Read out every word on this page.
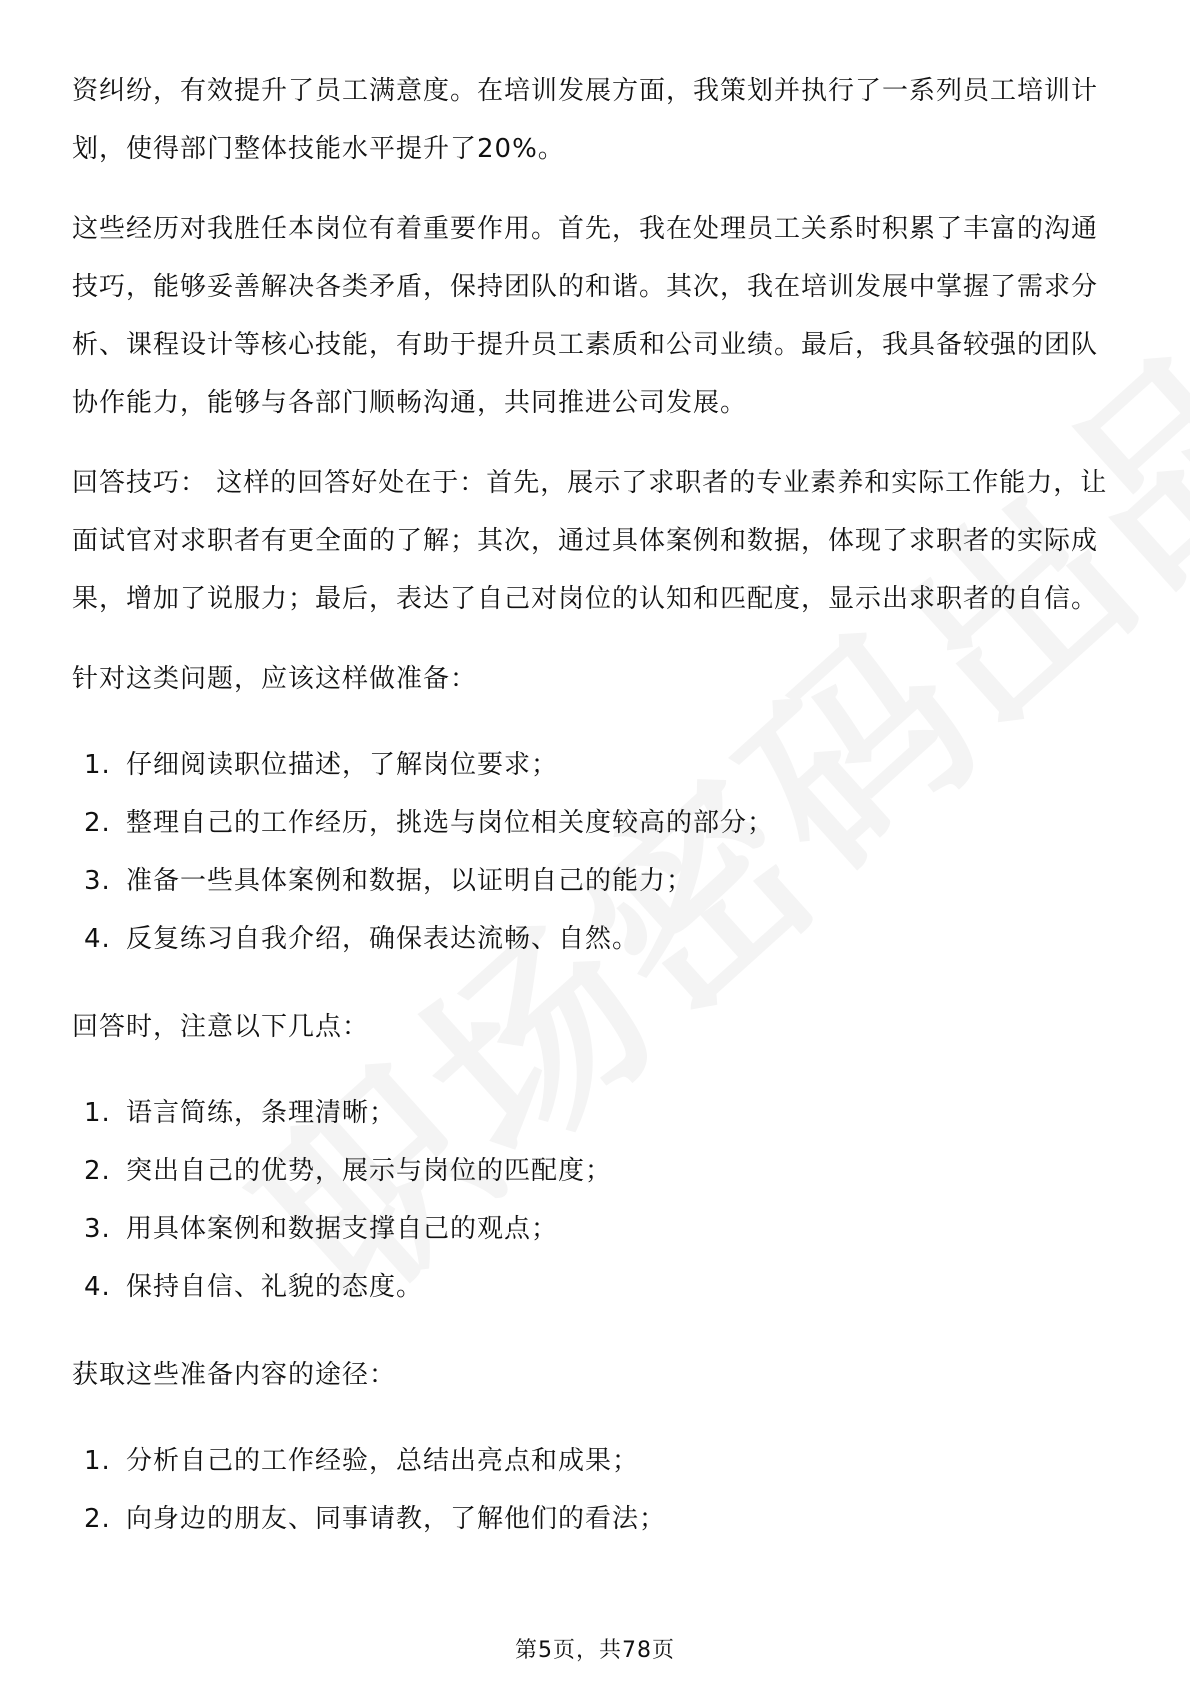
资纠纷，有效提升了员工满意度。在培训发展方面，我策划并执行了一系列员工培训计划，使得部门整体技能水平提升了20%。

这些经历对我胜任本岗位有着重要作用。首先，我在处理员工关系时积累了丰富的沟通技巧，能够妥善解决各类矛盾，保持团队的和谐。其次，我在培训发展中掌握了需求分析、课程设计等核心技能，有助于提升员工素质和公司业绩。最后，我具备较强的团队协作能力，能够与各部门顺畅沟通，共同推进公司发展。

回答技巧： 这样的回答好处在于：首先，展示了求职者的专业素养和实际工作能力，让面试官对求职者有更全面的了解；其次，通过具体案例和数据，体现了求职者的实际成果，增加了说服力；最后，表达了自己对岗位的认知和匹配度，显示出求职者的自信。

针对这类问题，应该这样做准备：

1. 仔细阅读职位描述，了解岗位要求；
2. 整理自己的工作经历，挑选与岗位相关度较高的部分；
3. 准备一些具体案例和数据，以证明自己的能力；
4. 反复练习自我介绍，确保表达流畅、自然。

回答时，注意以下几点：

1. 语言简练，条理清晰；
2. 突出自己的优势，展示与岗位的匹配度；
3. 用具体案例和数据支撑自己的观点；
4. 保持自信、礼貌的态度。

获取这些准备内容的途径：

1. 分析自己的工作经验，总结出亮点和成果；
2. 向身边的朋友、同事请教，了解他们的看法；
第5页，共78页
